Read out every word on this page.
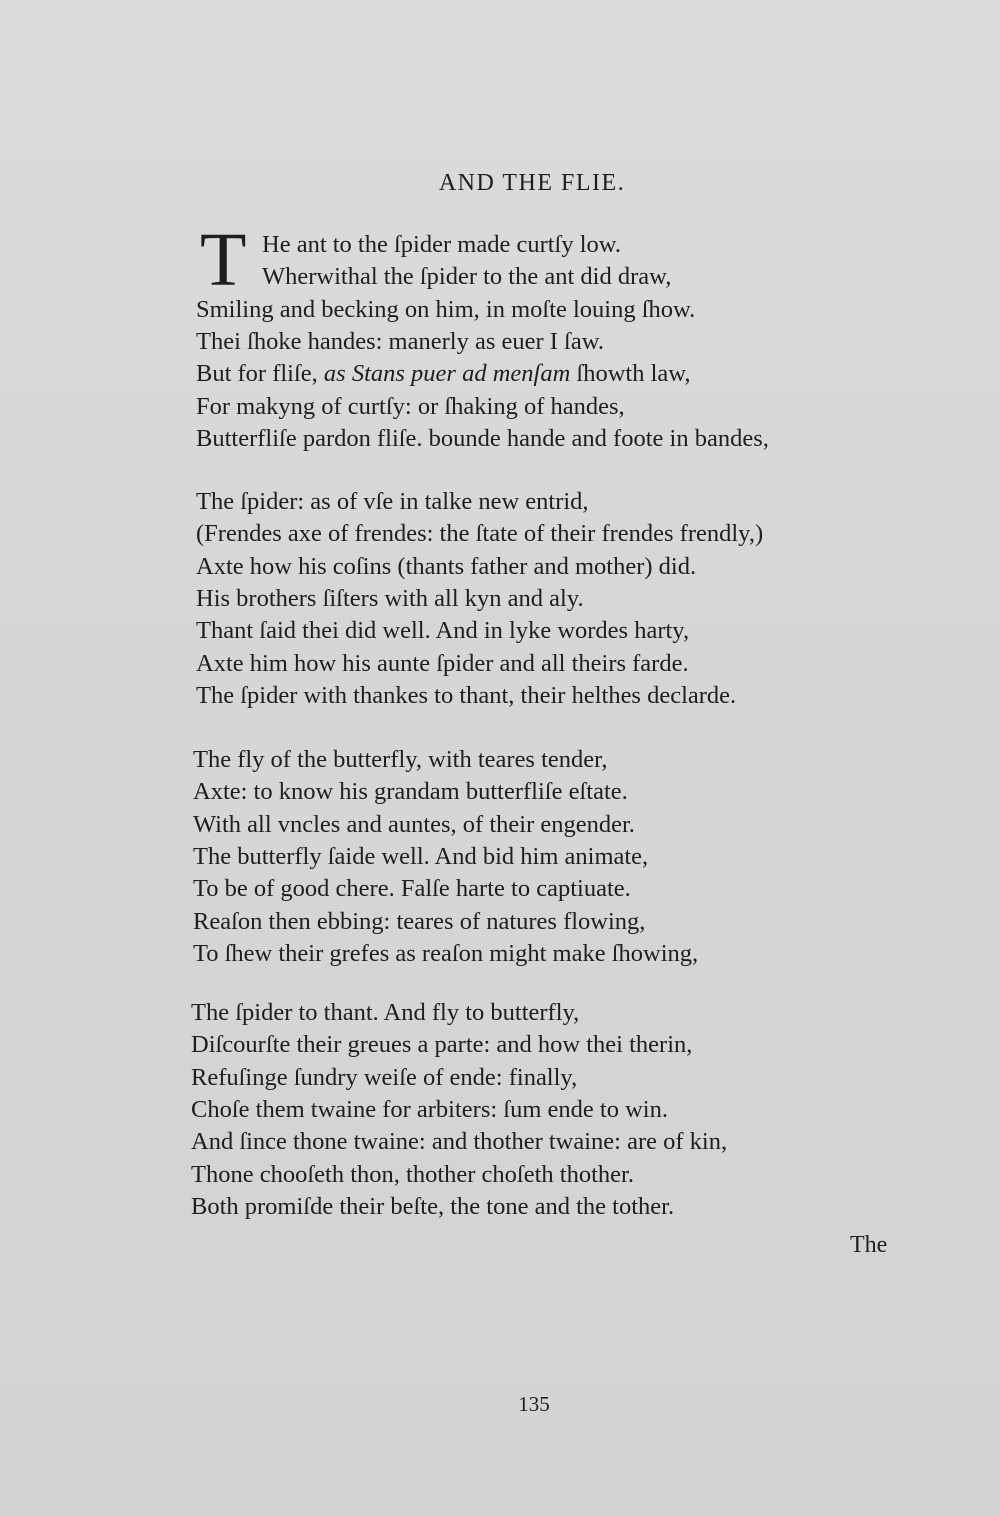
AND THE FLIE.
T He ant to the ſpider made curtſy low.
Wherwithal the ſpider to the ant did draw,
Smiling and becking on him, in moſte louing ſhow.
Thei ſhoke handes: manerly as euer I ſaw.
But for fliſe, as Stans puer ad menſam ſhowth law,
For makyng of curtſy: or ſhaking of handes,
Butterfliſe pardon fliſe. bounde hande and foote in bandes,
The ſpider: as of vſe in talke new entrid,
(Frendes axe of frendes: the ſtate of their frendes frendly,)
Axte how his coſins (thants father and mother) did.
His brothers ſiſters with all kyn and aly.
Thant ſaid thei did well. And in lyke wordes harty,
Axte him how his aunte ſpider and all theirs farde.
The ſpider with thankes to thant, their helthes declarde.
The fly of the butterfly, with teares tender,
Axte: to know his grandam butterfliſe eſtate.
With all vncles and auntes, of their engender.
The butterfly ſaide well. And bid him animate,
To be of good chere. Falſe harte to captiuate.
Reaſon then ebbing: teares of natures flowing,
To ſhew their grefes as reaſon might make ſhowing,
The ſpider to thant. And fly to butterfly,
Diſcourſte their greues a parte: and how thei therin,
Refuſinge ſundry weiſe of ende: finally,
Choſe them twaine for arbiters: ſum ende to win.
And ſince thone twaine: and thother twaine: are of kin,
Thone chooſeth thon, thother choſeth thother.
Both promiſde their beſte, the tone and the tother.
The
135
